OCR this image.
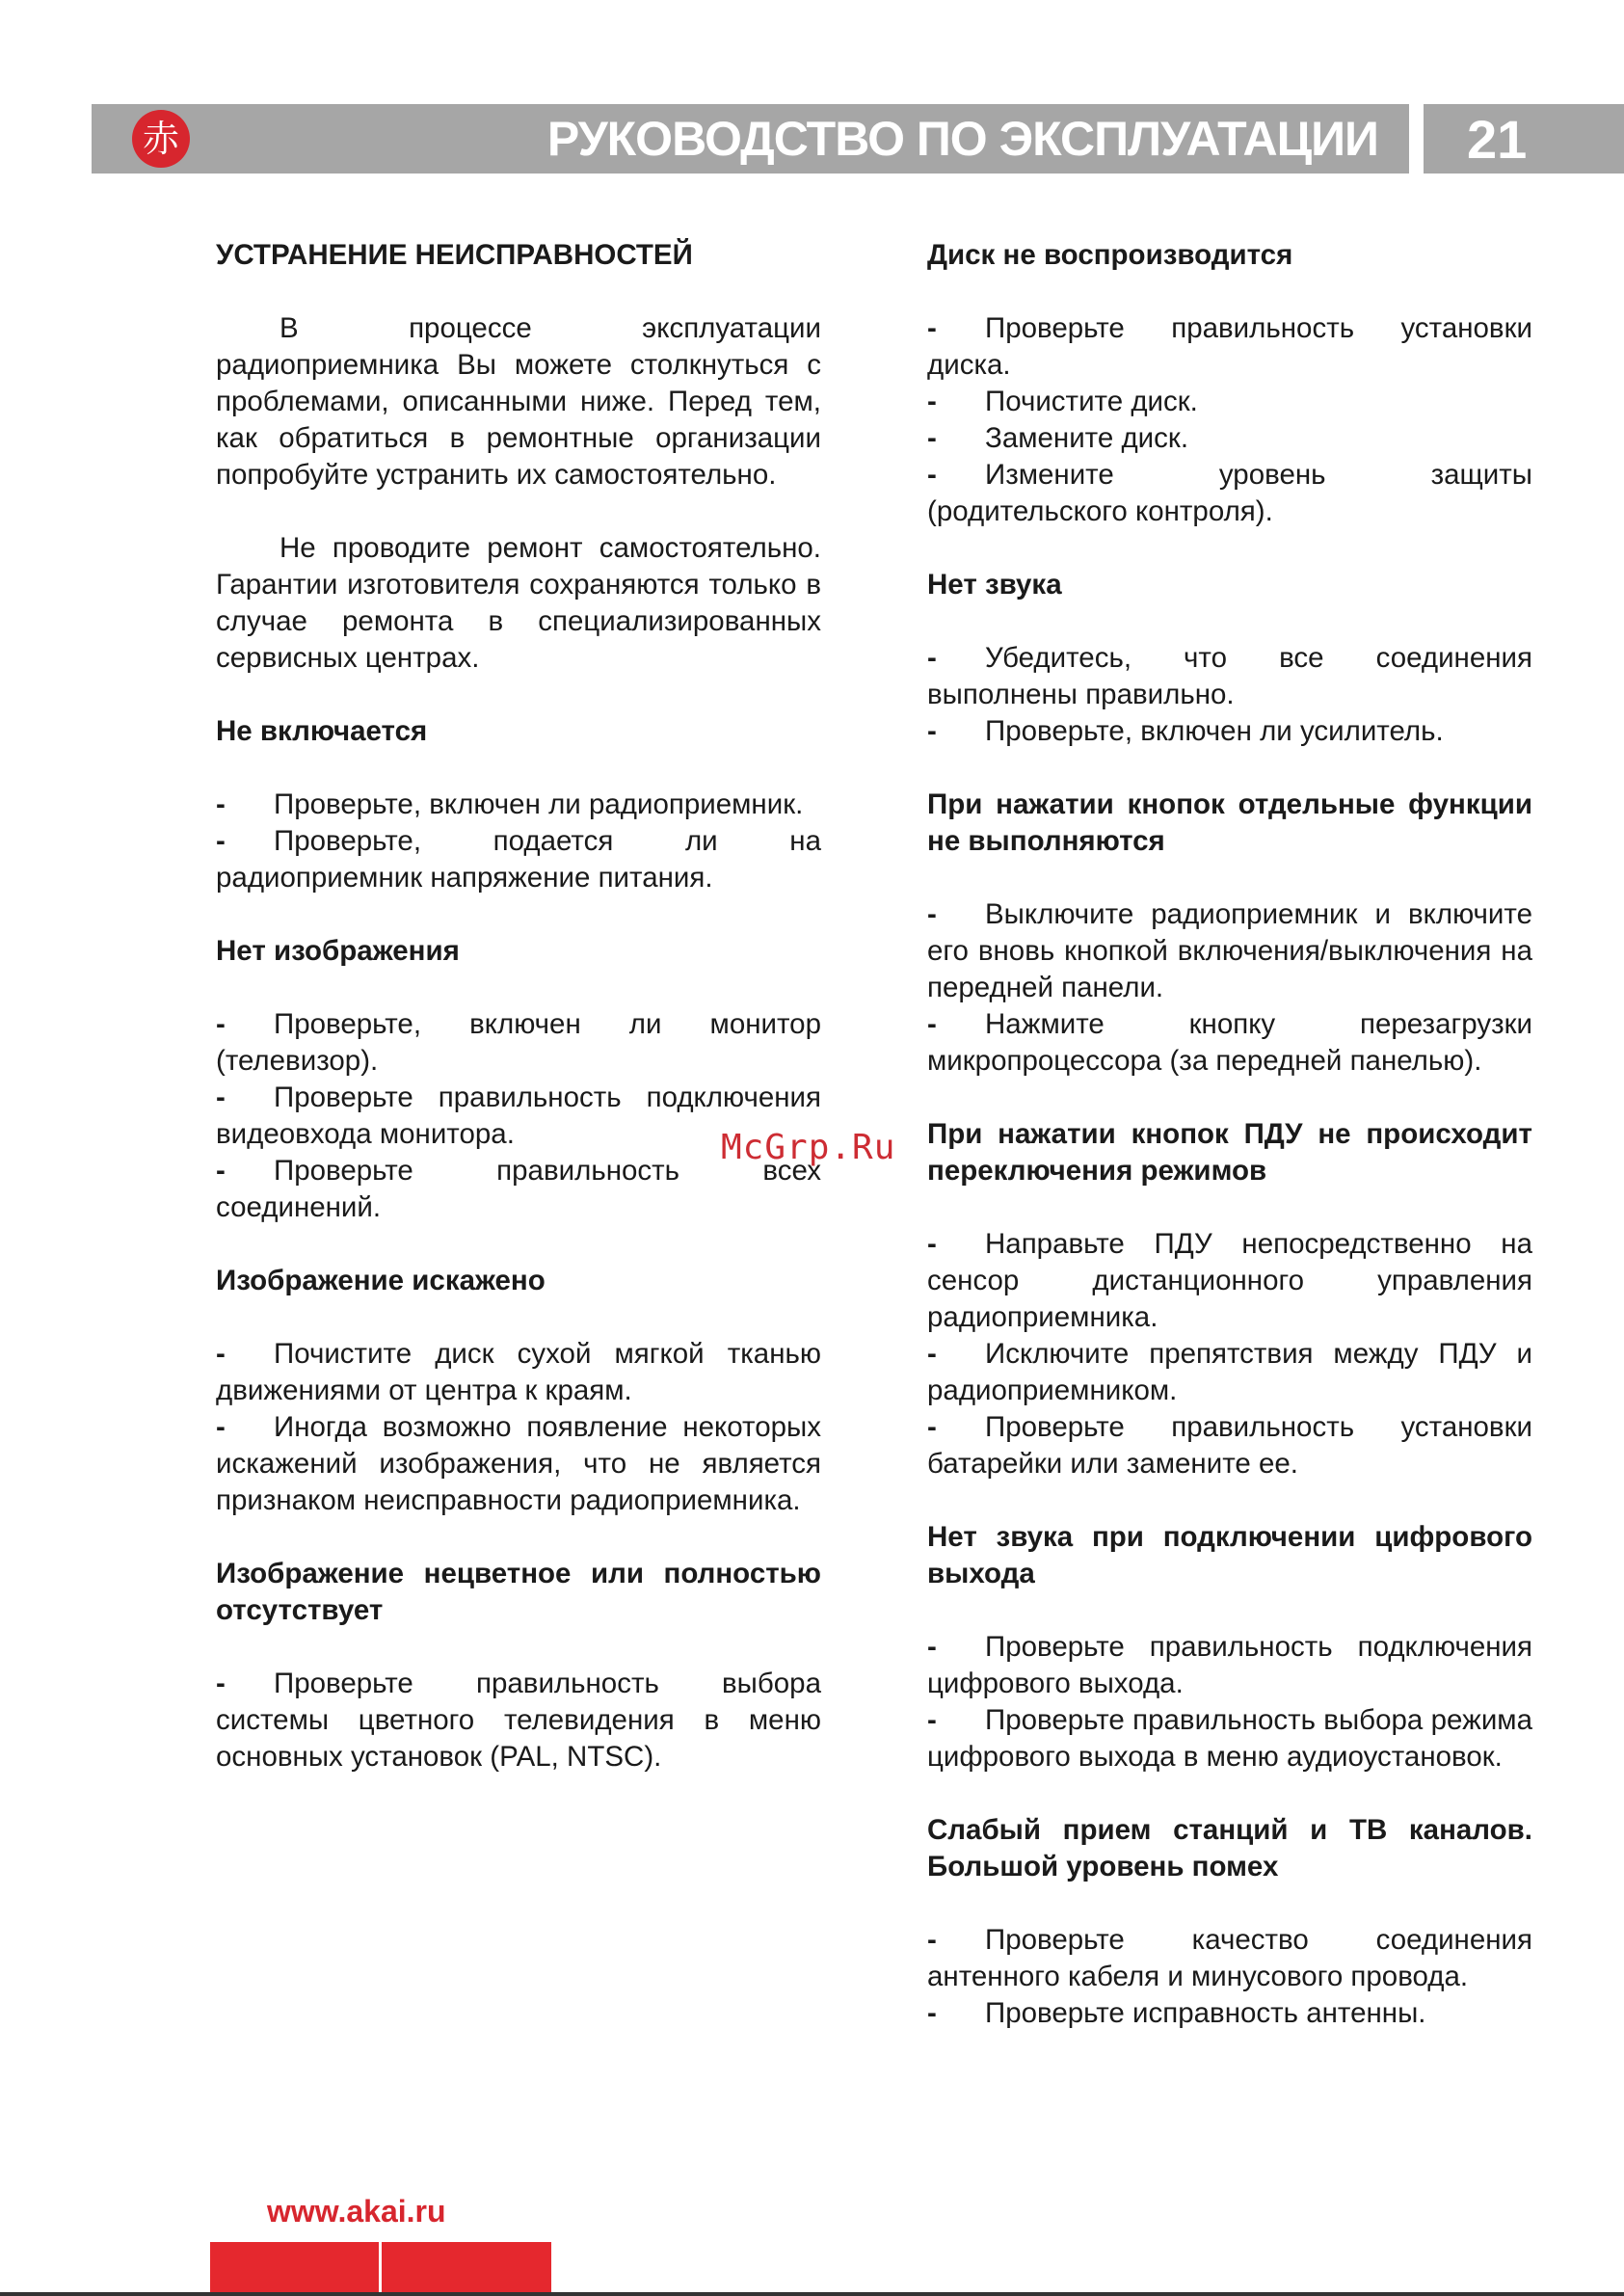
赤	РУКОВОДСТВО ПО ЭКСПЛУАТАЦИИ	21

УСТРАНЕНИЕ НЕИСПРАВНОСТЕЙ

В процессе эксплуатации радиоприемника Вы можете столкнуться с проблемами, описанными ниже. Перед тем, как обратиться в ремонтные организации попробуйте устранить их самостоятельно.

Не проводите ремонт самостоятельно. Гарантии изготовителя сохраняются только в случае ремонта в специализированных сервисных центрах.

Не включается

- Проверьте, включен ли радиоприемник.

- Проверьте, подается ли на радиоприемник напряжение питания.

Нет изображения

- Проверьте, включен ли монитор (телевизор).

- Проверьте правильность подключения видеовхода монитора.

- Проверьте правильность всех соединений.

Изображение искажено

- Почистите диск сухой мягкой тканью движениями от центра к краям.

- Иногда возможно появление некоторых искажений изображения, что не является признаком неисправности радиоприемника.

Изображение нецветное или полностью отсутствует

- Проверьте правильность выбора системы цветного телевидения в меню основных установок (PAL, NTSC).

Диск не воспроизводится

- Проверьте правильность установки диска.

- Почистите диск.

- Замените диск.

- Измените уровень защиты (родительского контроля).

Нет звука

- Убедитесь, что все соединения выполнены правильно.

- Проверьте, включен ли усилитель.

При нажатии кнопок отдельные функции не выполняются

- Выключите радиоприемник и включите его вновь кнопкой включения/выключения на передней панели.

- Нажмите кнопку перезагрузки микропроцессора (за передней панелью).

При нажатии кнопок ПДУ не происходит переключения режимов

- Направьте ПДУ непосредственно на сенсор дистанционного управления радиоприемника.

- Исключите препятствия между ПДУ и радиоприемником.

- Проверьте правильность установки батарейки или замените ее.

Нет звука при подключении цифрового выхода

- Проверьте правильность подключения цифрового выхода.

- Проверьте правильность выбора режима цифрового выхода в меню аудиоустановок.

Слабый прием станций и ТВ каналов. Большой уровень помех

- Проверьте качество соединения антенного кабеля и минусового провода.

- Проверьте исправность антенны.

McGrp.Ru
www.akai.ru
